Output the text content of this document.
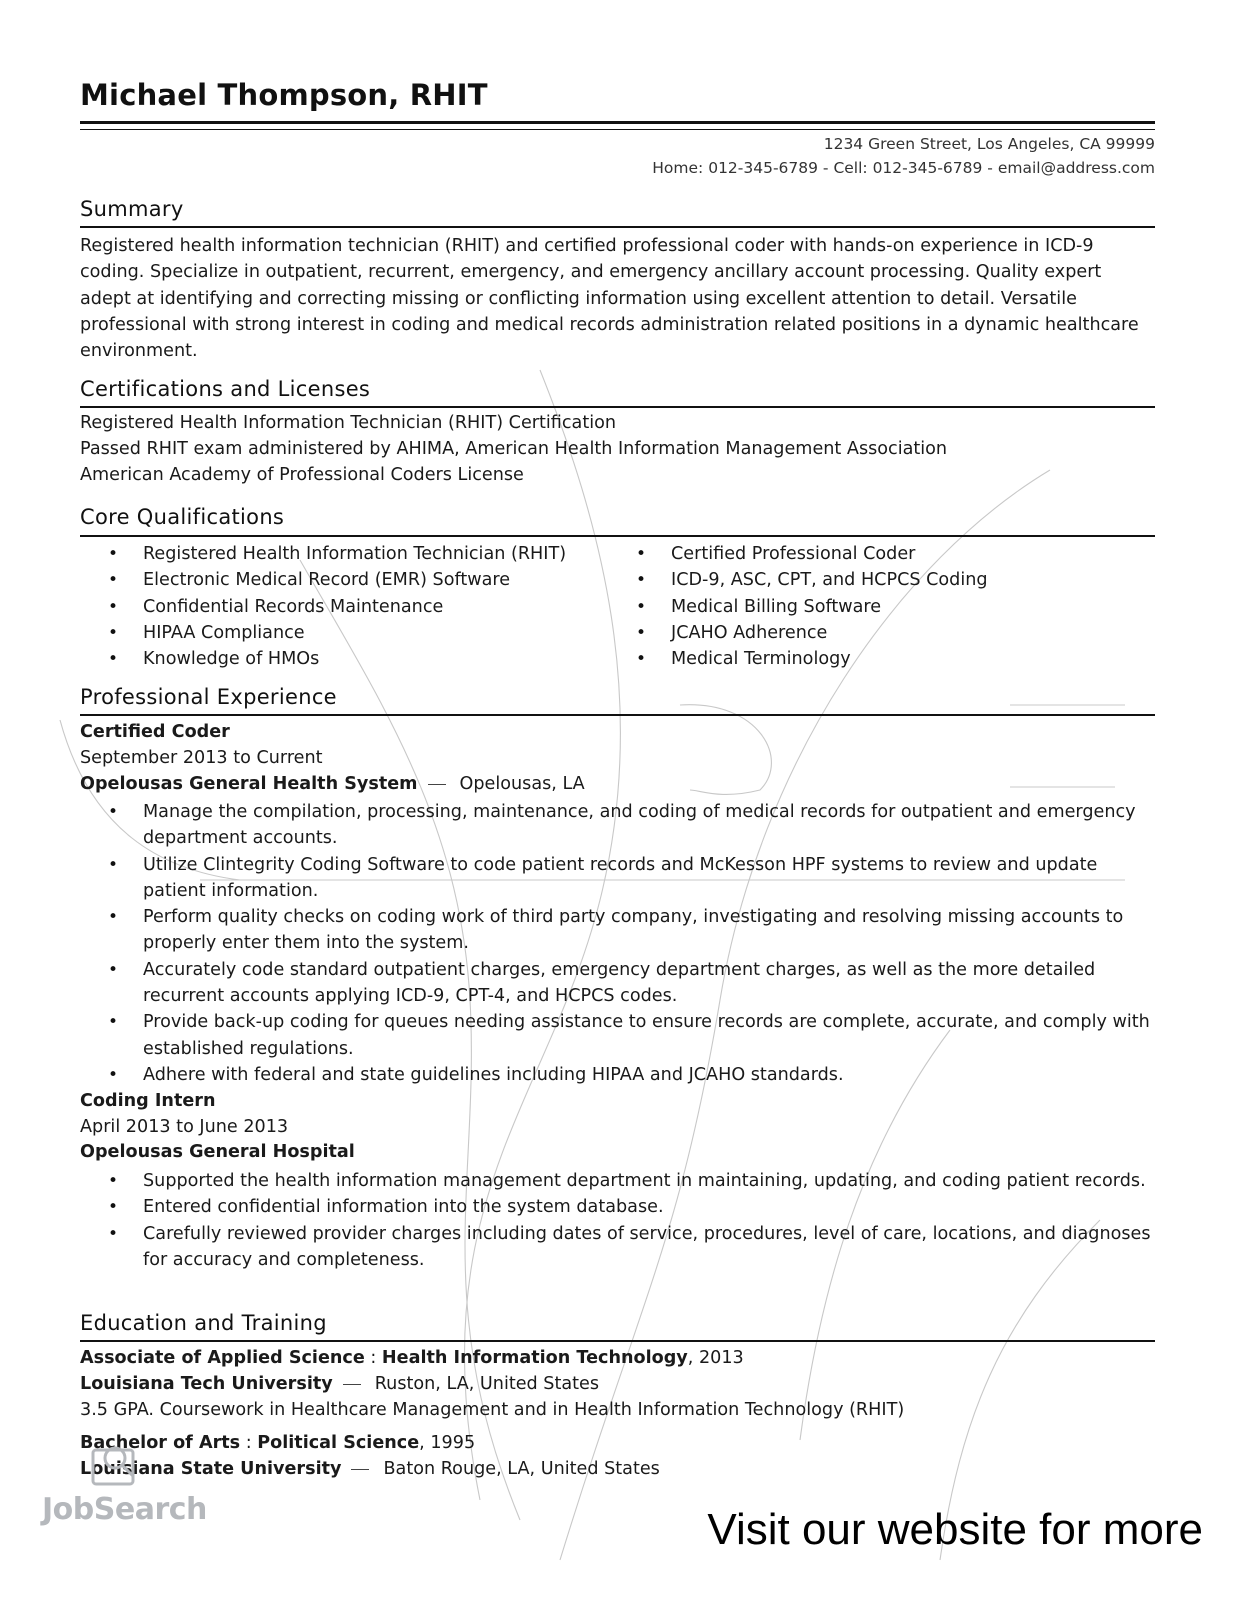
Michael Thompson, RHIT
1234 Green Street, Los Angeles, CA 99999
Home: 012-345-6789 - Cell: 012-345-6789 - email@address.com
Summary

Registered health information technician (RHIT) and certified professional coder with hands-on experience in ICD-9 coding. Specialize in outpatient, recurrent, emergency, and emergency ancillary account processing. Quality expert adept at identifying and correcting missing or conflicting information using excellent attention to detail. Versatile professional with strong interest in coding and medical records administration related positions in a dynamic healthcare environment.

Certifications and Licenses
Registered Health Information Technician (RHIT) Certification
Passed RHIT exam administered by AHIMA, American Health Information Management Association
American Academy of Professional Coders License
Core Qualifications
• Registered Health Information Technician (RHIT)
• Electronic Medical Record (EMR) Software
• Confidential Records Maintenance
• HIPAA Compliance
• Knowledge of HMOs
• Certified Professional Coder
• ICD-9, ASC, CPT, and HCPCS Coding
• Medical Billing Software
• JCAHO Adherence
• Medical Terminology
Professional Experience
Certified Coder
September 2013 to Current
Opelousas General Health System Opelousas, LA
• Manage the compilation, processing, maintenance, and coding of medical records for outpatient and emergency department accounts.
• Utilize Clintegrity Coding Software to code patient records and McKesson HPF systems to review and update patient information.
• Perform quality checks on coding work of third party company, investigating and resolving missing accounts to properly enter them into the system.
• Accurately code standard outpatient charges, emergency department charges, as well as the more detailed recurrent accounts applying ICD-9, CPT-4, and HCPCS codes.
• Provide back-up coding for queues needing assistance to ensure records are complete, accurate, and comply with established regulations.
• Adhere with federal and state guidelines including HIPAA and JCAHO standards.
Coding Intern
April 2013 to June 2013
Opelousas General Hospital
• Supported the health information management department in maintaining, updating, and coding patient records.
• Entered confidential information into the system database.
• Carefully reviewed provider charges including dates of service, procedures, level of care, locations, and diagnoses for accuracy and completeness.
Education and Training
Associate of Applied Science : Health Information Technology, 2013
Louisiana Tech University Ruston, LA, United States
3.5 GPA. Coursework in Healthcare Management and in Health Information Technology (RHIT)
Bachelor of Arts : Political Science, 1995
Louisiana State University Baton Rouge, LA, United States
JobSearch	Visit our website for more
